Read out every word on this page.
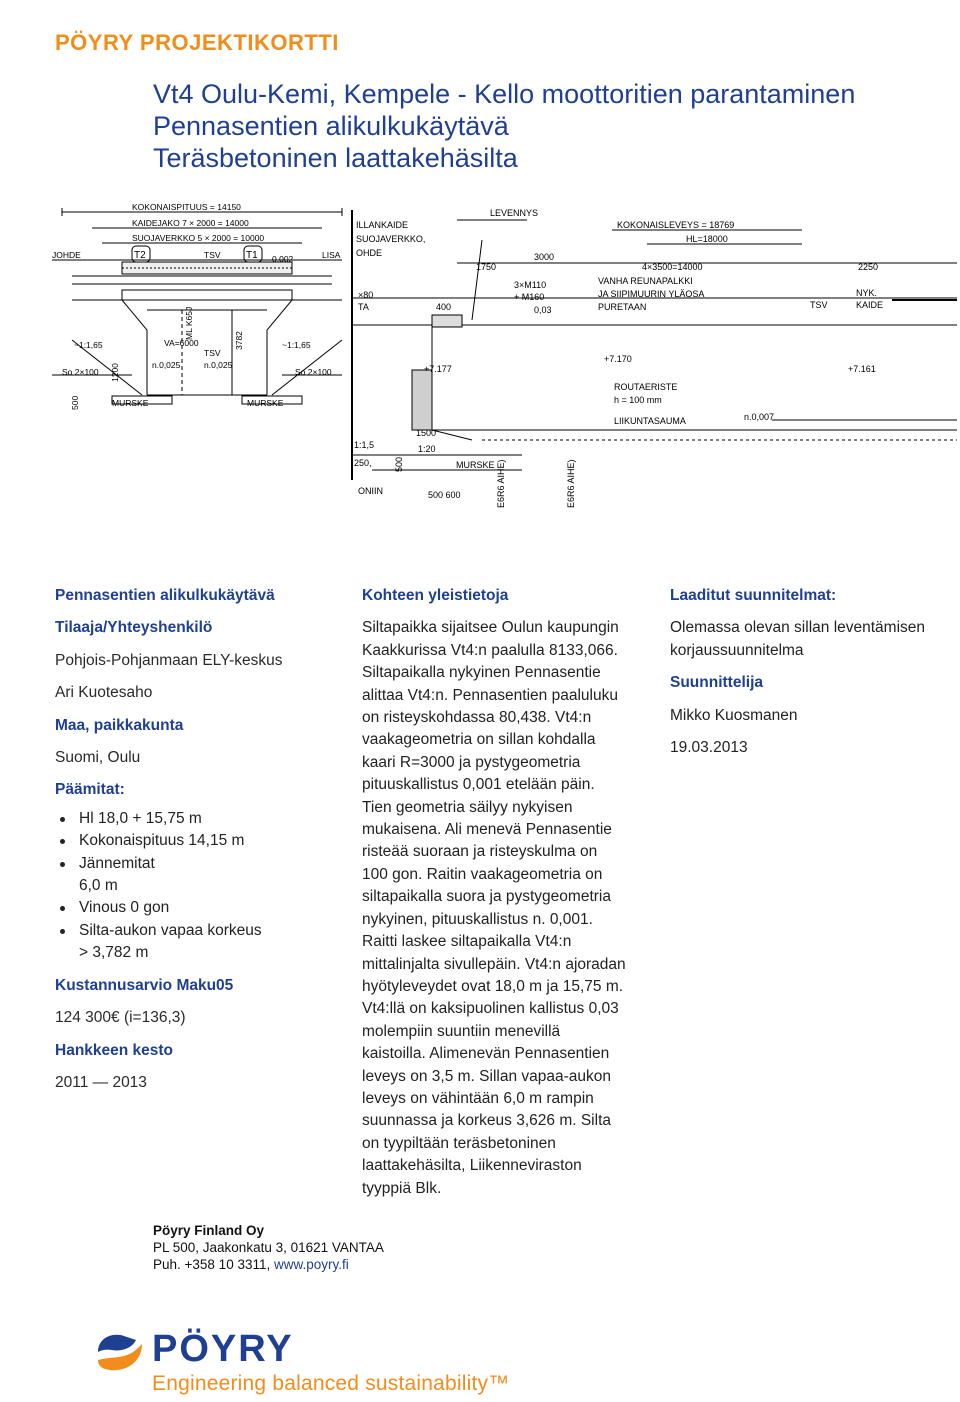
PÖYRY PROJEKTIKORTTI
Vt4 Oulu-Kemi, Kempele - Kello moottoritien parantaminen
Pennasentien alikulkukäytävä
Teräsbetoninen laattakehäsilta
KOKONAISPITUUS = 14150
KAIDEJAKO 7 × 2000 = 14000
SUOJAVERKKO 5 × 2000 = 10000
JOHDE	T2	TSV	T1 0.002	LISA
ML K65J
VA=6000
TSV
n.0,025	n.0,025
3782
~1:1,65	~1:1,65
So 2×100	So 2×100
1200
500	MURSKE	MURSKE
ILLANKAIDE
SUOJAVERKKO,
OHDE
LEVENNYS
KOKONAISLEVEYS = 18769
HL=18000
1750
3000
4×3500=14000	2250
×80
TA	400
3×M110
+ M160
0,03
VANHA REUNAPALKKI
JA SIIPIMUURIN YLÄOSA
PURETAAN	TSV
NYK.
KAIDE
+7.177
+7.170
+7.161
ROUTAERISTE
h = 100 mm
LIIKUNTASAUMA	n.0,007
1500
1:20
1:1,5
250, 500	MURSKE
ONIIN	500 600	E6R6 AIHE)	E6R6 AIHE)
Pennasentien alikulkukäytävä
Tilaaja/Yhteyshenkilö
Pohjois-Pohjanmaan ELY-keskus
Ari Kuotesaho
Maa, paikkakunta
Suomi, Oulu
Päämitat:
Hl 18,0 + 15,75 m
Kokonaispituus 14,15 m
Jännemitat
6,0 m
Vinous 0 gon
Silta-aukon vapaa korkeus
> 3,782 m
Kustannusarvio Maku05
124 300€ (i=136,3)
Hankkeen kesto
2011 — 2013
Kohteen yleistietoja
Siltapaikka sijaitsee Oulun kaupungin
Kaakkurissa Vt4:n paalulla 8133,066.
Siltapaikalla nykyinen Pennasentie
alittaa Vt4:n. Pennasentien paaluluku
on risteyskohdassa 80,438. Vt4:n
vaakageometria on sillan kohdalla
kaari R=3000 ja pystygeometria
pituuskallistus 0,001 etelään päin.
Tien geometria säilyy nykyisen
mukaisena. Ali menevä Pennasentie
risteää suoraan ja risteyskulma on
100 gon. Raitin vaakageometria on
siltapaikalla suora ja pystygeometria
nykyinen, pituuskallistus n. 0,001.
Raitti laskee siltapaikalla Vt4:n
mittalinjalta sivullepäin. Vt4:n ajoradan
hyötyleveydet ovat 18,0 m ja 15,75 m.
Vt4:llä on kaksipuolinen kallistus 0,03
molempiin suuntiin menevillä
kaistoilla. Alimenevän Pennasentien
leveys on 3,5 m. Sillan vapaa-aukon
leveys on vähintään 6,0 m rampin
suunnassa ja korkeus 3,626 m. Silta
on tyypiltään teräsbetoninen
laattakehäsilta, Liikenneviraston
tyyppiä Blk.
Laaditut suunnitelmat:
Olemassa olevan sillan leventämisen
korjaussuunnitelma
Suunnittelija
Mikko Kuosmanen
19.03.2013
Pöyry Finland Oy
PL 500, Jaakonkatu 3, 01621 VANTAA
Puh. +358 10 3311, www.poyry.fi
PÖYRY
Engineering balanced sustainability™
